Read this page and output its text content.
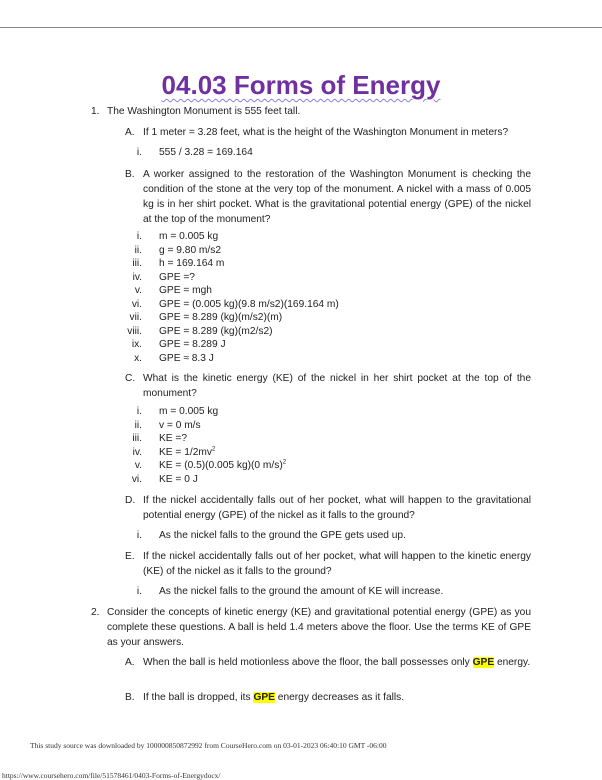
04.03 Forms of Energy
1. The Washington Monument is 555 feet tall.
A. If 1 meter = 3.28 feet, what is the height of the Washington Monument in meters?
B. A worker assigned to the restoration of the Washington Monument is checking the condition of the stone at the very top of the monument. A nickel with a mass of 0.005 kg is in her shirt pocket. What is the gravitational potential energy (GPE) of the nickel at the top of the monument?
C. What is the kinetic energy (KE) of the nickel in her shirt pocket at the top of the monument?
D. If the nickel accidentally falls out of her pocket, what will happen to the gravitational potential energy (GPE) of the nickel as it falls to the ground?
E. If the nickel accidentally falls out of her pocket, what will happen to the kinetic energy (KE) of the nickel as it falls to the ground?
2. Consider the concepts of kinetic energy (KE) and gravitational potential energy (GPE) as you complete these questions. A ball is held 1.4 meters above the floor. Use the terms KE of GPE as your answers.
A. When the ball is held motionless above the floor, the ball possesses only GPE energy.
B. If the ball is dropped, its GPE energy decreases as it falls.
This study source was downloaded by 100000850872992 from CourseHero.com on 03-01-2023 06:40:10 GMT -06:00
https://www.coursehero.com/file/51578461/0403-Forms-of-Energydocx/
i. 555 / 3.28 = 169.164
i. m = 0.005 kg
ii. g = 9.80 m/s2
iii. h = 169.164 m
iv. GPE =?
v. GPE = mgh
vi. GPE = (0.005 kg)(9.8 m/s2)(169.164 m)
vii. GPE = 8.289 (kg)(m/s2)(m)
viii. GPE = 8.289 (kg)(m2/s2)
ix. GPE = 8.289 J
x. GPE ≈ 8.3 J
i. m = 0.005 kg
ii. v = 0 m/s
iii. KE =?
iv. KE = $1/2mv^2$
v. KE = (0.5)(0.005 kg)(0 m/s)$^2$
vi. KE = 0 J
i. As the nickel falls to the ground the GPE gets used up.
i. As the nickel falls to the ground the amount of KE will increase.
